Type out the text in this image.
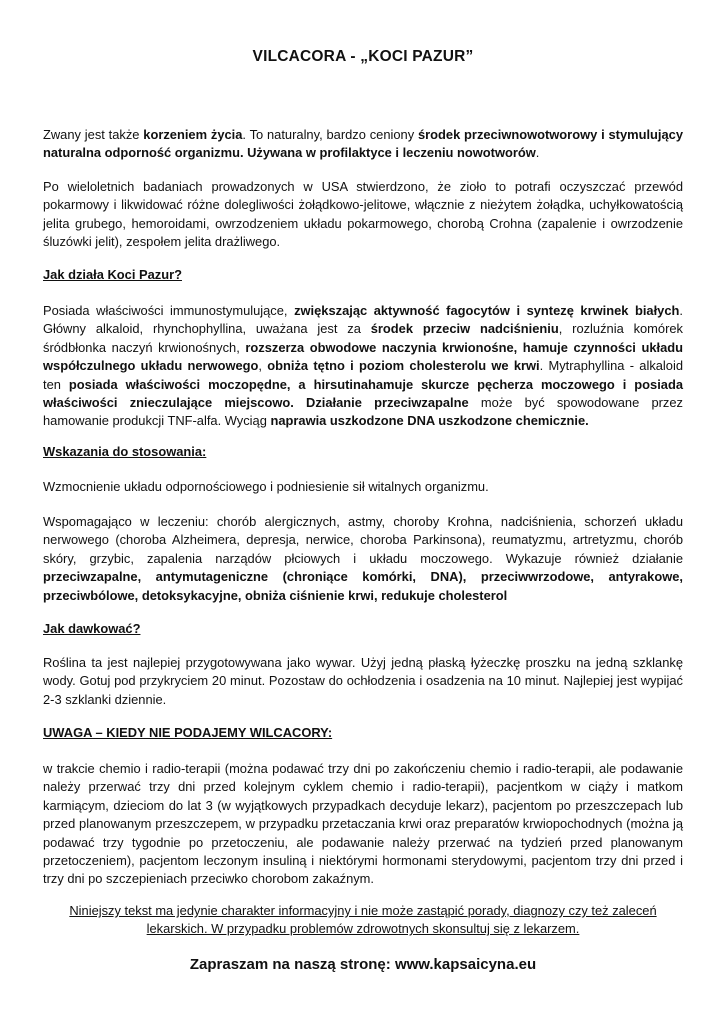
VILCACORA - „KOCI PAZUR”

Zwany jest także korzeniem życia. To naturalny, bardzo ceniony środek przeciwnowotworowy i stymulujący naturalna odporność organizmu. Używana w profilaktyce i leczeniu nowotworów.

Po wieloletnich badaniach prowadzonych w USA stwierdzono, że zioło to potrafi oczyszczać przewód pokarmowy i likwidować różne dolegliwości żołądkowo-jelitowe, włącznie z nieżytem żołądka, uchyłkowatością jelita grubego, hemoroidami, owrzodzeniem układu pokarmowego, chorobą Crohna (zapalenie i owrzodzenie śluzówki jelit), zespołem jelita drażliwego.

Jak działa Koci Pazur?

Posiada właściwości immunostymulujące, zwiększając aktywność fagocytów i syntezę krwinek białych. Główny alkaloid, rhynchophyllina, uważana jest za środek przeciw nadciśnieniu, rozluźnia komórek śródbłonka naczyń krwionośnych, rozszerza obwodowe naczynia krwionośne, hamuje czynności układu współczulnego układu nerwowego, obniża tętno i poziom cholesterolu we krwi. Mytraphyllina - alkaloid ten posiada właściwości moczopędne, a hirsutinahamuje skurcze pęcherza moczowego i posiada właściwości znieczulające miejscowo. Działanie przeciwzapalne może być spowodowane przez hamowanie produkcji TNF-alfa. Wyciąg naprawia uszkodzone DNA uszkodzone chemicznie.

Wskazania do stosowania:

Wzmocnienie układu odpornościowego i podniesienie sił witalnych organizmu.

Wspomagająco w leczeniu: chorób alergicznych, astmy, choroby Krohna, nadciśnienia, schorzeń układu nerwowego (choroba Alzheimera, depresja, nerwice, choroba Parkinsona), reumatyzmu, artretyzmu, chorób skóry, grzybic, zapalenia narządów płciowych i układu moczowego. Wykazuje również działanie przeciwzapalne, antymutageniczne (chroniące komórki, DNA), przeciwwrzodowe, antyrakowe, przeciwbólowe, detoksykacyjne, obniża ciśnienie krwi, redukuje cholesterol

Jak dawkować?

Roślina ta jest najlepiej przygotowywana jako wywar. Użyj jedną płaską łyżeczkę proszku na jedną szklankę wody. Gotuj pod przykryciem 20 minut. Pozostaw do ochłodzenia i osadzenia na 10 minut. Najlepiej jest wypijać 2-3 szklanki dziennie.

UWAGA – KIEDY NIE PODAJEMY WILCACORY:

w trakcie chemio i radio-terapii (można podawać trzy dni po zakończeniu chemio i radio-terapii, ale podawanie należy przerwać trzy dni przed kolejnym cyklem chemio i radio-terapii), pacjentkom w ciąży i matkom karmiącym, dzieciom do lat 3 (w wyjątkowych przypadkach decyduje lekarz), pacjentom po przeszczepach lub przed planowanym przeszczepem, w przypadku przetaczania krwi oraz preparatów krwiopochodnych (można ją podawać trzy tygodnie po przetoczeniu, ale podawanie należy przerwać na tydzień przed planowanym przetoczeniem), pacjentom leczonym insuliną i niektórymi hormonami sterydowymi, pacjentom trzy dni przed i trzy dni po szczepieniach przeciwko chorobom zakaźnym.

Niniejszy tekst ma jedynie charakter informacyjny i nie może zastąpić porady, diagnozy czy też zaleceń lekarskich. W przypadku problemów zdrowotnych skonsultuj się z lekarzem.
Zapraszam na naszą stronę: www.kapsaicyna.eu
